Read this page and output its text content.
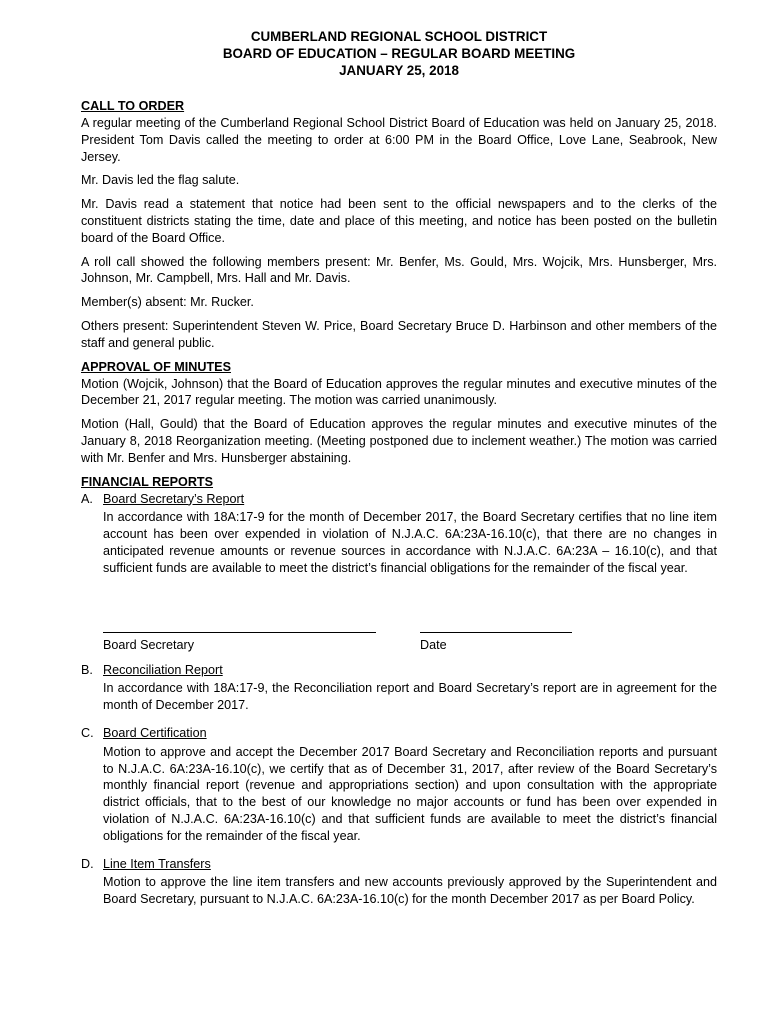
CUMBERLAND REGIONAL SCHOOL DISTRICT
BOARD OF EDUCATION – REGULAR BOARD MEETING
JANUARY 25, 2018
CALL TO ORDER

A regular meeting of the Cumberland Regional School District Board of Education was held on January 25, 2018. President Tom Davis called the meeting to order at 6:00 PM in the Board Office, Love Lane, Seabrook, New Jersey.

Mr. Davis led the flag salute.

Mr. Davis read a statement that notice had been sent to the official newspapers and to the clerks of the constituent districts stating the time, date and place of this meeting, and notice has been posted on the bulletin board of the Board Office.

A roll call showed the following members present: Mr. Benfer, Ms. Gould, Mrs. Wojcik, Mrs. Hunsberger, Mrs. Johnson, Mr. Campbell, Mrs. Hall and Mr. Davis.

Member(s) absent: Mr. Rucker.

Others present: Superintendent Steven W. Price, Board Secretary Bruce D. Harbinson and other members of the staff and general public.

APPROVAL OF MINUTES

Motion (Wojcik, Johnson) that the Board of Education approves the regular minutes and executive minutes of the December 21, 2017 regular meeting. The motion was carried unanimously.

Motion (Hall, Gould) that the Board of Education approves the regular minutes and executive minutes of the January 8, 2018 Reorganization meeting. (Meeting postponed due to inclement weather.) The motion was carried with Mr. Benfer and Mrs. Hunsberger abstaining.

FINANCIAL REPORTS
A. Board Secretary’s Report

In accordance with 18A:17-9 for the month of December 2017, the Board Secretary certifies that no line item account has been over expended in violation of N.J.A.C. 6A:23A-16.10(c), that there are no changes in anticipated revenue amounts or revenue sources in accordance with N.J.A.C. 6A:23A – 16.10(c), and that sufficient funds are available to meet the district’s financial obligations for the remainder of the fiscal year.

Board Secretary	Date
B. Reconciliation Report

In accordance with 18A:17-9, the Reconciliation report and Board Secretary’s report are in agreement for the month of December 2017.

C. Board Certification

Motion to approve and accept the December 2017 Board Secretary and Reconciliation reports and pursuant to N.J.A.C. 6A:23A-16.10(c), we certify that as of December 31, 2017, after review of the Board Secretary’s monthly financial report (revenue and appropriations section) and upon consultation with the appropriate district officials, that to the best of our knowledge no major accounts or fund has been over expended in violation of N.J.A.C. 6A:23A-16.10(c) and that sufficient funds are available to meet the district’s financial obligations for the remainder of the fiscal year.

D. Line Item Transfers

Motion to approve the line item transfers and new accounts previously approved by the Superintendent and Board Secretary, pursuant to N.J.A.C. 6A:23A-16.10(c) for the month December 2017 as per Board Policy.
